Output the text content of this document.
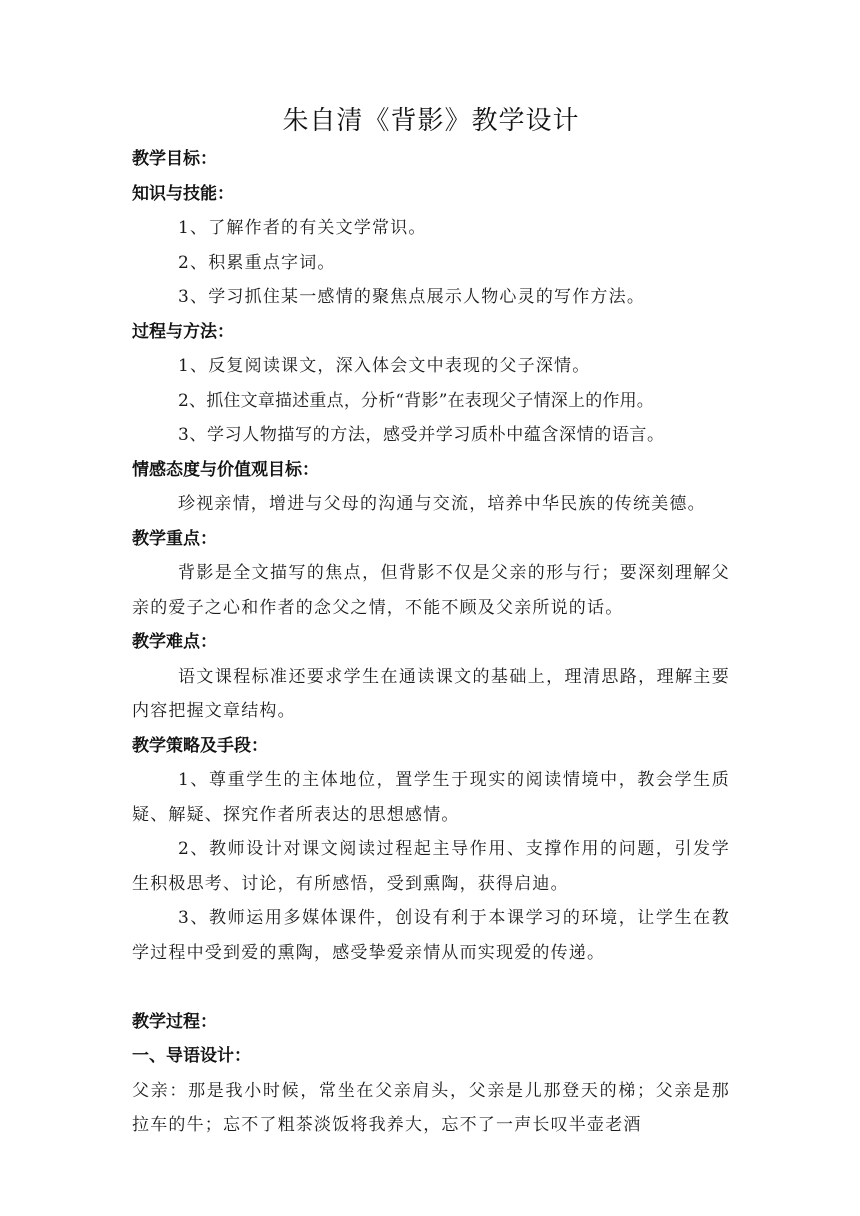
朱自清《背影》教学设计

教学目标：

知识与技能：

1、了解作者的有关文学常识。

2、积累重点字词。

3、学习抓住某一感情的聚焦点展示人物心灵的写作方法。

过程与方法：

1、反复阅读课文，深入体会文中表现的父子深情。

2、抓住文章描述重点，分析“背影”在表现父子情深上的作用。

3、学习人物描写的方法，感受并学习质朴中蕴含深情的语言。

情感态度与价值观目标：

珍视亲情，增进与父母的沟通与交流，培养中华民族的传统美德。

教学重点：

背影是全文描写的焦点，但背影不仅是父亲的形与行；要深刻理解父亲的爱子之心和作者的念父之情，不能不顾及父亲所说的话。

教学难点：

语文课程标准还要求学生在通读课文的基础上，理清思路，理解主要内容把握文章结构。

教学策略及手段：

1、尊重学生的主体地位，置学生于现实的阅读情境中，教会学生质疑、解疑、探究作者所表达的思想感情。

2、教师设计对课文阅读过程起主导作用、支撑作用的问题，引发学生积极思考、讨论，有所感悟，受到熏陶，获得启迪。

3、教师运用多媒体课件，创设有利于本课学习的环境，让学生在教学过程中受到爱的熏陶，感受挚爱亲情从而实现爱的传递。

教学过程：

一、导语设计：

父亲：那是我小时候，常坐在父亲肩头，父亲是儿那登天的梯；父亲是那拉车的牛；忘不了粗茶淡饭将我养大，忘不了一声长叹半壶老酒
